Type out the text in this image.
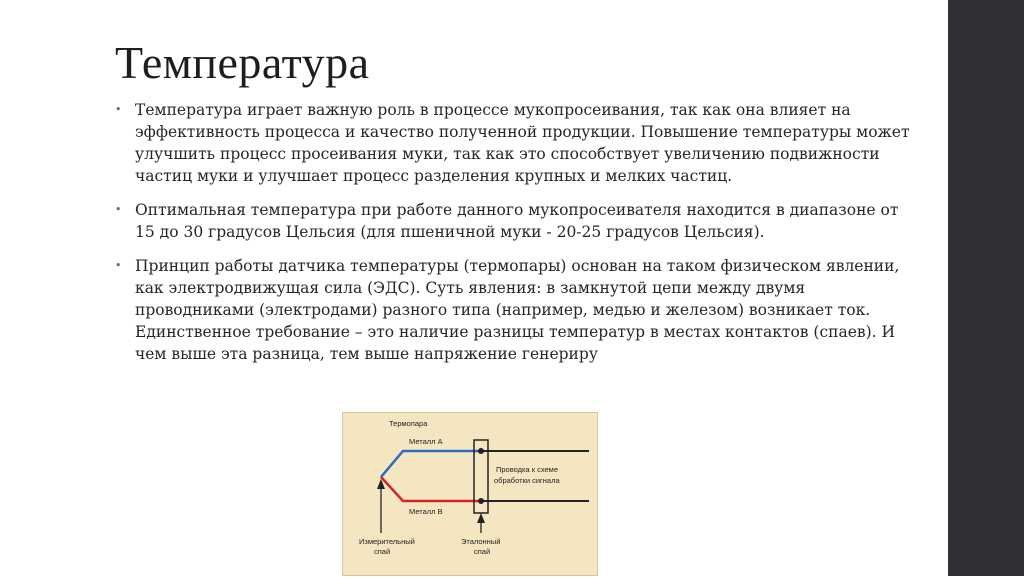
Температура
• Температура играет важную роль в процессе мукопросеивания, так как она влияет на эффективность процесса и качество полученной продукции. Повышение температуры может улучшить процесс просеивания муки, так как это способствует увеличению подвижности частиц муки и улучшает процесс разделения крупных и мелких частиц.
• Оптимальная температура при работе данного мукопросеивателя находится в диапазоне от 15 до 30 градусов Цельсия (для пшеничной муки - 20-25 градусов Цельсия).
• Принцип работы датчика температуры (термопары) основан на таком физическом явлении, как электродвижущая сила (ЭДС). Суть явления: в замкнутой цепи между двумя проводниками (электродами) разного типа (например, медью и железом) возникает ток. Единственное требование – это наличие разницы температур в местах контактов (спаев). И чем выше эта разница, тем выше напряжение генериру
Термопара
Металл А
Металл В
Проводка к схеме
обработки сигнала
Измерительный
спай
Эталонный
спай
